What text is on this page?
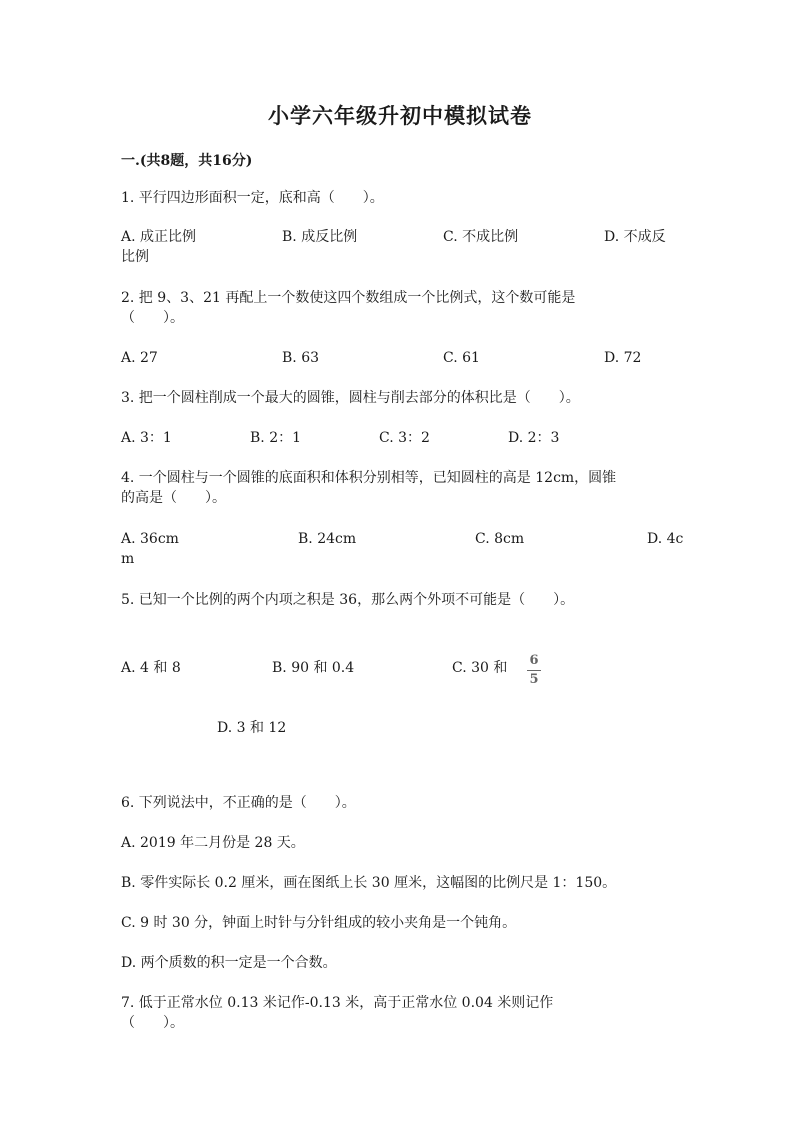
小学六年级升初中模拟试卷
一.(共8题，共16分)
1. 平行四边形面积一定，底和高（　　）。
A. 成正比例	B. 成反比例	C. 不成比例	D. 不成反
比例
2. 把 9、3、21 再配上一个数使这四个数组成一个比例式，这个数可能是
（　　）。
A. 27	B. 63	C. 61	D. 72
3. 把一个圆柱削成一个最大的圆锥，圆柱与削去部分的体积比是（　　）。
A. 3：1	B. 2：1	C. 3：2	D. 2：3
4. 一个圆柱与一个圆锥的底面积和体积分别相等，已知圆柱的高是 12cm，圆锥
的高是（　　）。
A. 36cm	B. 24cm	C. 8cm	D. 4c
m
5. 已知一个比例的两个内项之积是 36，那么两个外项不可能是（　　）。
A. 4 和 8	B. 90 和 0.4	C. 30 和 6
5
D. 3 和 12
6. 下列说法中，不正确的是（　　）。
A. 2019 年二月份是 28 天。
B. 零件实际长 0.2 厘米，画在图纸上长 30 厘米，这幅图的比例尺是 1：150。
C. 9 时 30 分，钟面上时针与分针组成的较小夹角是一个钝角。
D. 两个质数的积一定是一个合数。
7. 低于正常水位 0.13 米记作-0.13 米，高于正常水位 0.04 米则记作
（　　）。
